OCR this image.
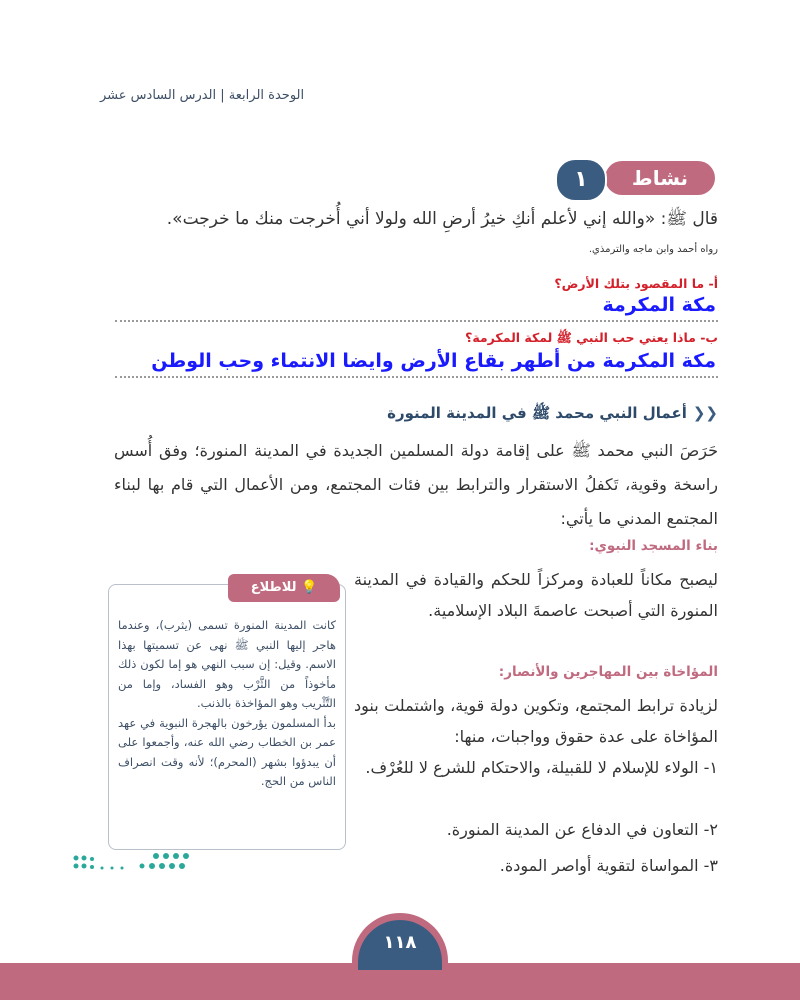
الوحدة الرابعة | الدرس السادس عشر
نشاط
١
قال ﷺ: «والله إني لأعلم أنكِ خيرُ أرضِ الله ولولا أني أُخرجت منك ما خرجت».
رواه أحمد وابن ماجه والترمذي.
أ- ما المقصود بتلك الأرض؟
مكة المكرمة
ب- ماذا يعني حب النبي ﷺ لمكة المكرمة؟
مكة المكرمة من أطهر بقاع الأرض وايضا الانتماء وحب الوطن
❮❮أعمال النبي محمد ﷺ في المدينة المنورة
حَرَصَ النبي محمد ﷺ على إقامة دولة المسلمين الجديدة في المدينة المنورة؛ وفق أُسس راسخة وقوية، تَكفلُ الاستقرار والترابط بين فئات المجتمع، ومن الأعمال التي قام بها لبناء المجتمع المدني ما يأتي:
بناء المسجد النبوي:
ليصبح مكاناً للعبادة ومركزاً للحكم والقيادة في المدينة المنورة التي أصبحت عاصمةَ البلاد الإسلامية.
المؤاخاة بين المهاجرين والأنصار:
لزيادة ترابط المجتمع، وتكوين دولة قوية، واشتملت بنود المؤاخاة على عدة حقوق وواجبات، منها:
١- الولاء للإسلام لا للقبيلة، والاحتكام للشرع لا للعُرْف.
٢- التعاون في الدفاع عن المدينة المنورة.
٣- المواساة لتقوية أواصر المودة.
💡 للاطلاع
كانت المدينة المنورة تسمى (يثرب)، وعندما هاجر إليها النبي ﷺ نهى عن تسميتها بهذا الاسم. وقيل: إن سبب النهي هو إما لكون ذلك مأخوذاً من الثَّرْب وهو الفساد، وإما من التَّثْريب وهو المؤاخذة بالذنب.
بدأ المسلمون يؤرخون بالهجرة النبوية في عهد عمر بن الخطاب رضي الله عنه، وأجمعوا على أن يبدؤوا بشهر (المحرم)؛ لأنه وقت انصراف الناس من الحج.
١١٨
